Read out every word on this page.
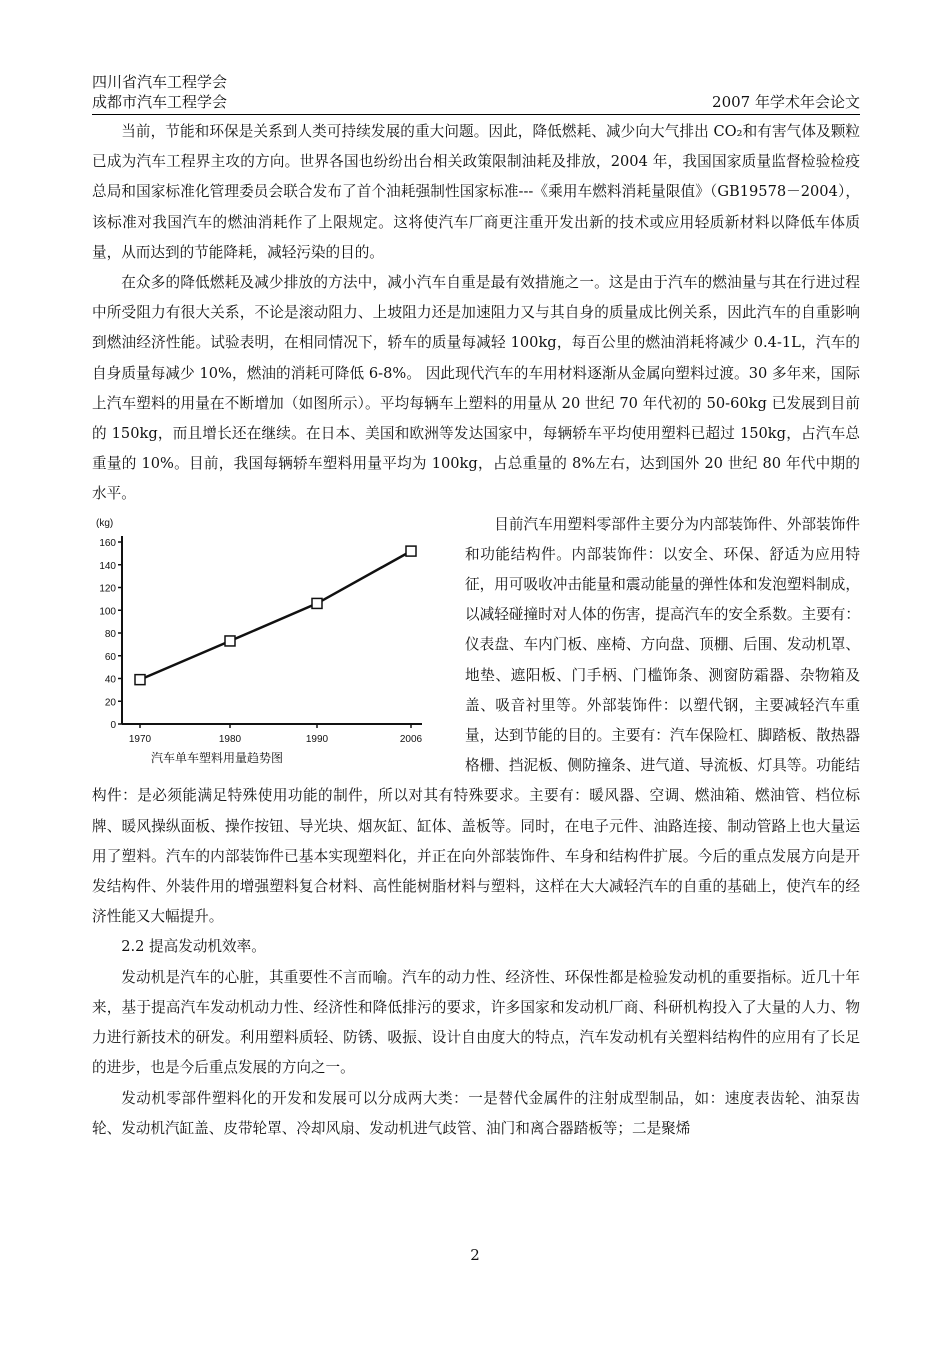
四川省汽车工程学会
成都市汽车工程学会	2007 年学术年会论文

当前，节能和环保是关系到人类可持续发展的重大问题。因此，降低燃耗、减少向大气排出 CO₂和有害气体及颗粒已成为汽车工程界主攻的方向。世界各国也纷纷出台相关政策限制油耗及排放，2004 年，我国国家质量监督检验检疫总局和国家标准化管理委员会联合发布了首个油耗强制性国家标准---《乘用车燃料消耗量限值》（GB19578－2004），该标准对我国汽车的燃油消耗作了上限规定。这将使汽车厂商更注重开发出新的技术或应用轻质新材料以降低车体质量，从而达到的节能降耗，减轻污染的目的。

在众多的降低燃耗及减少排放的方法中，减小汽车自重是最有效措施之一。这是由于汽车的燃油量与其在行进过程中所受阻力有很大关系，不论是滚动阻力、上坡阻力还是加速阻力又与其自身的质量成比例关系，因此汽车的自重影响到燃油经济性能。试验表明，在相同情况下，轿车的质量每减轻 100kg，每百公里的燃油消耗将减少 0.4-1L，汽车的自身质量每减少 10%，燃油的消耗可降低 6-8%。 因此现代汽车的车用材料逐渐从金属向塑料过渡。30 多年来，国际上汽车塑料的用量在不断增加（如图所示）。平均每辆车上塑料的用量从 20 世纪 70 年代初的 50-60kg 已发展到目前的 150kg，而且增长还在继续。在日本、美国和欧洲等发达国家中，每辆轿车平均使用塑料已超过 150kg，占汽车总重量的 10%。目前，我国每辆轿车塑料用量平均为 100kg，占总重量的 8%左右，达到国外 20 世纪 80 年代中期的水平。

(kg)
0
20
40
60
80
100
120
140
160
1970	1980	1990	2006
汽车单车塑料用量趋势图

目前汽车用塑料零部件主要分为内部装饰件、外部装饰件和功能结构件。内部装饰件：以安全、环保、舒适为应用特征，用可吸收冲击能量和震动能量的弹性体和发泡塑料制成，以减轻碰撞时对人体的伤害，提高汽车的安全系数。主要有：仪表盘、车内门板、座椅、方向盘、顶棚、后围、发动机罩、地垫、遮阳板、门手柄、门槛饰条、测窗防霜器、杂物箱及盖、吸音衬里等。外部装饰件：以塑代钢，主要减轻汽车重量，达到节能的目的。主要有：汽车保险杠、脚踏板、散热器格栅、挡泥板、侧防撞条、进气道、导流板、灯具等。功能结构件：是必须能满足特殊使用功能的制件，所以对其有特殊要求。主要有：暖风器、空调、燃油箱、燃油管、档位标牌、暖风操纵面板、操作按钮、导光块、烟灰缸、缸体、盖板等。同时，在电子元件、油路连接、制动管路上也大量运用了塑料。汽车的内部装饰件已基本实现塑料化，并正在向外部装饰件、车身和结构件扩展。今后的重点发展方向是开发结构件、外装件用的增强塑料复合材料、高性能树脂材料与塑料，这样在大大减轻汽车的自重的基础上，使汽车的经济性能又大幅提升。

2.2 提高发动机效率。

发动机是汽车的心脏，其重要性不言而喻。汽车的动力性、经济性、环保性都是检验发动机的重要指标。近几十年来，基于提高汽车发动机动力性、经济性和降低排污的要求，许多国家和发动机厂商、科研机构投入了大量的人力、物力进行新技术的研发。利用塑料质轻、防锈、吸振、设计自由度大的特点，汽车发动机有关塑料结构件的应用有了长足的进步，也是今后重点发展的方向之一。

发动机零部件塑料化的开发和发展可以分成两大类：一是替代金属件的注射成型制品，如：速度表齿轮、油泵齿轮、发动机汽缸盖、皮带轮罩、冷却风扇、发动机进气歧管、油门和离合器踏板等；二是聚烯

2
